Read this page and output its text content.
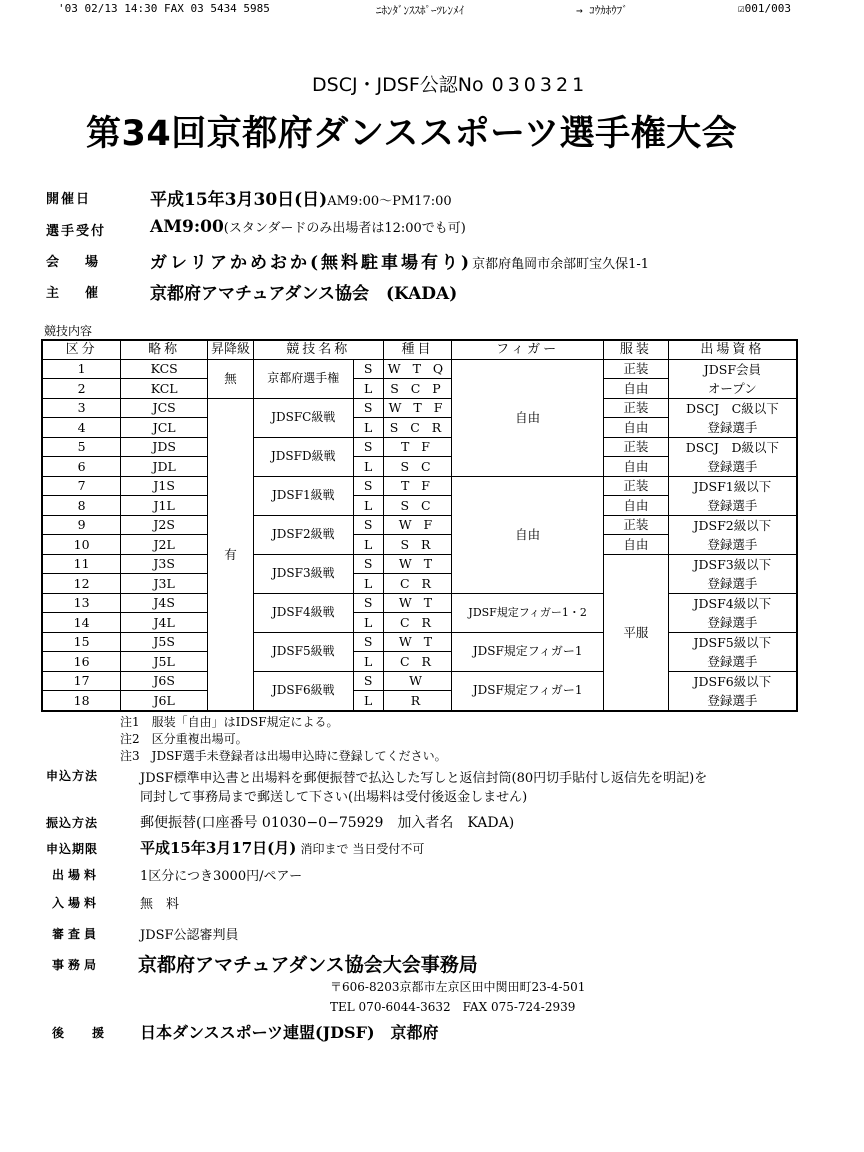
'03 02/13 14:30 FAX 03 5434 5985	ﾆﾎﾝﾀﾞﾝｽｽﾎﾟｰﾂﾚﾝﾒｲ	→ ｺｳｶﾎｳﾌﾞ	☑001/003
DSCJ・JDSF公認No 030321
第34回京都府ダンススポーツ選手権大会
開催日	平成15年3月30日(日)AM9:00〜PM17:00
選手受付	AM9:00(スタンダードのみ出場者は12:00でも可)
会場 ガレリアかめおか(無料駐車場有り)京都府亀岡市余部町宝久保1-1
主催 京都府アマチュアダンス協会　(KADA)
競技内容
区分	略称	昇降級	競技名称		種目	フィガー	服装	出場資格
1	KCS	無	京都府選手権	S	W T Q	自由	正装	JDSF会員
オープン
2	KCL			L	S C P		自由	
3	JCS	有	JDSFC級戦	S	W T F		正装	DSCJ　C級以下
登録選手
4	JCL			L	S C R		自由	
5	JDS		JDSFD級戦	S	T F		正装	DSCJ　D級以下
登録選手
6	JDL			L	S C		自由	
7	J1S		JDSF1級戦	S	T F	自由	正装	JDSF1級以下
登録選手
8	J1L			L	S C		自由	
9	J2S		JDSF2級戦	S	W F		正装	JDSF2級以下
登録選手
10	J2L			L	S R		自由	
11	J3S		JDSF3級戦	S	W T		平服	JDSF3級以下
登録選手
12	J3L			L	C R			
13	J4S		JDSF4級戦	S	W T	JDSF規定フィガー1・2		JDSF4級以下
登録選手
14	J4L			L	C R			
15	J5S		JDSF5級戦	S	W T	JDSF規定フィガー1		JDSF5級以下
登録選手
16	J5L			L	C R			
17	J6S		JDSF6級戦	S	W	JDSF規定フィガー1		JDSF6級以下
登録選手
18	J6L			L	R			
注1　服装「自由」はIDSF規定による。
注2　区分重複出場可。
注3　JDSF選手未登録者は出場申込時に登録してください。
申込方法	JDSF標準申込書と出場料を郵便振替で払込した写しと返信封筒(80円切手貼付し返信先を明記)を
同封して事務局まで郵送して下さい(出場料は受付後返金しません)
振込方法	郵便振替(口座番号 01030−0−75929　加入者名　KADA)
申込期限	平成15年3月17日(月) 消印まで 当日受付不可
出場料	1区分につき3000円/ペアー
入場料	無　料
審査員	JDSF公認審判員
事務局 京都府アマチュアダンス協会大会事務局
〒606-8203京都市左京区田中関田町23-4-501
TEL 070-6044-3632　FAX 075-724-2939
後援 日本ダンススポーツ連盟(JDSF)　京都府
